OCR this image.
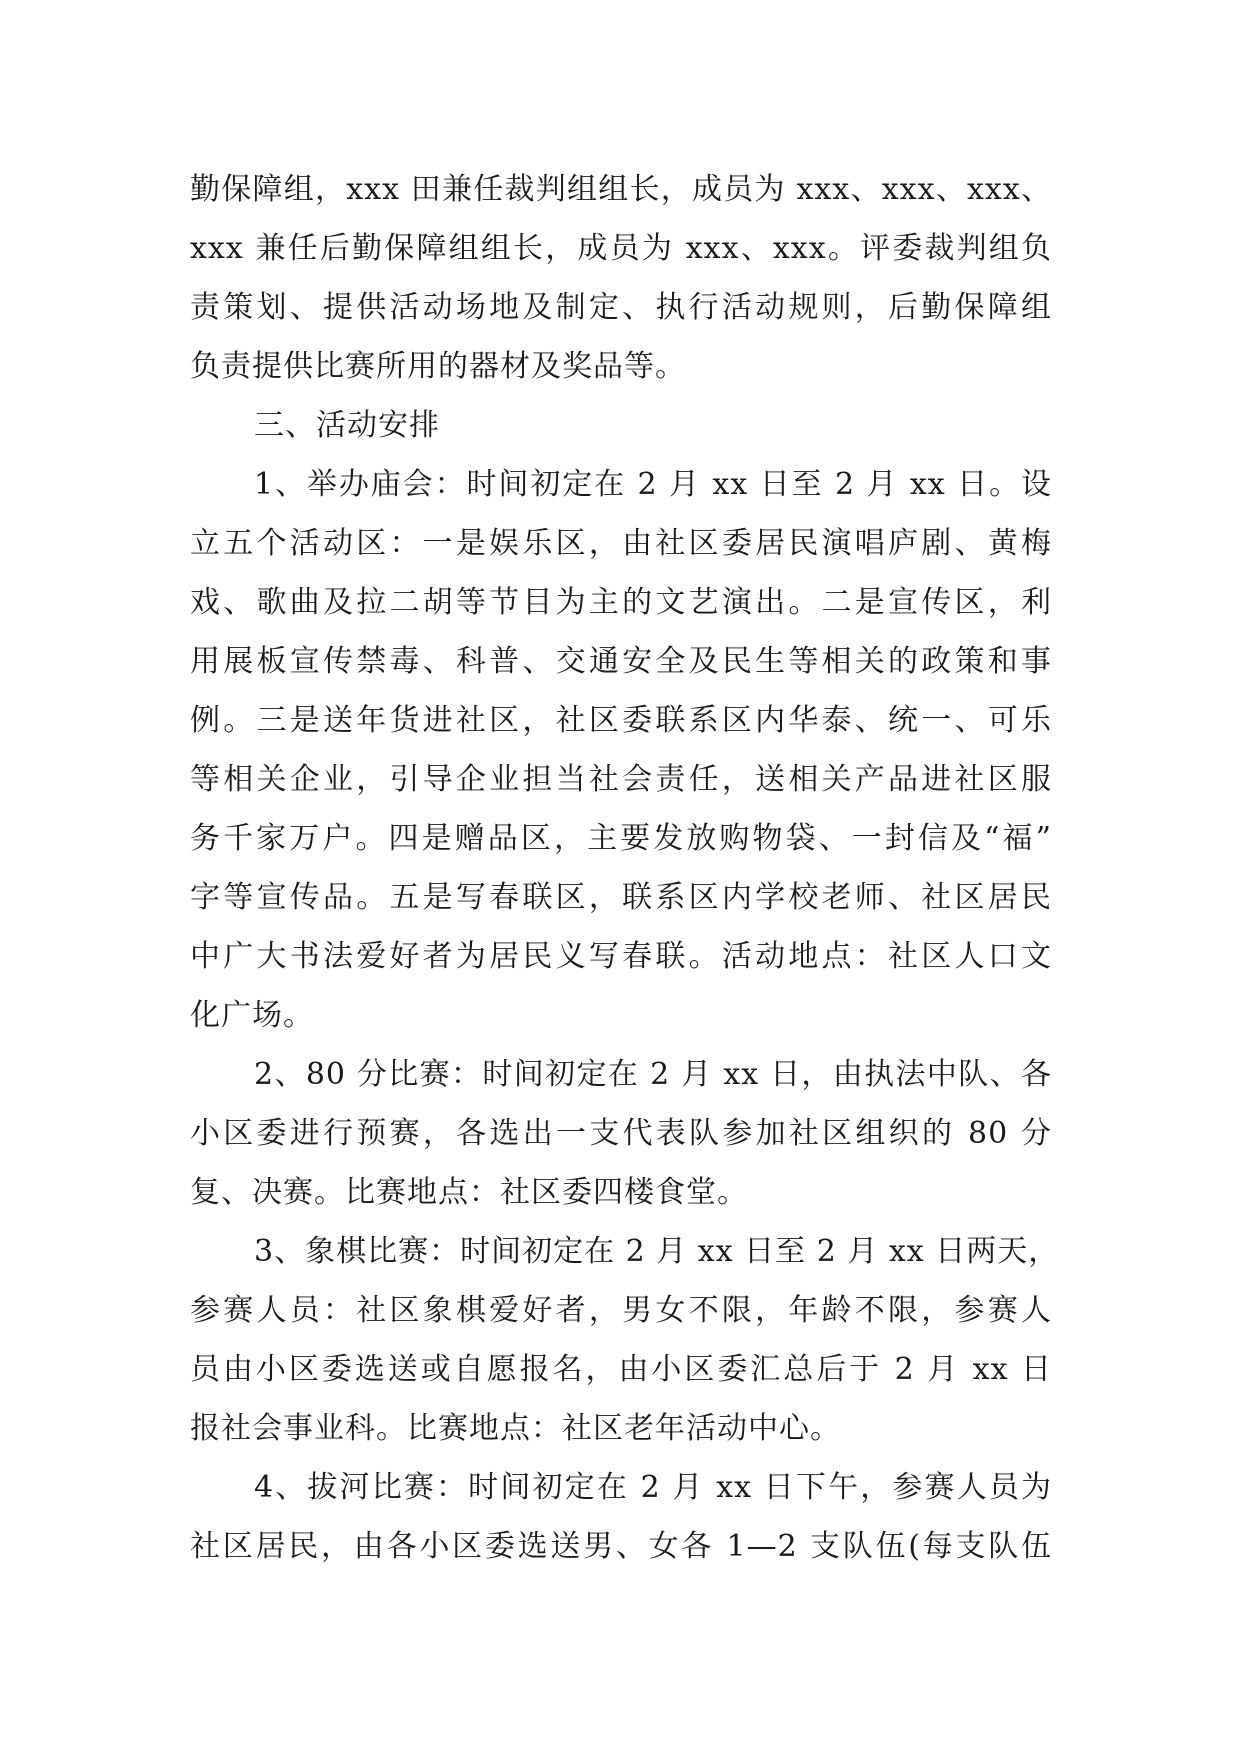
勤保障组，xxx 田兼任裁判组组长，成员为 xxx、xxx、xxx、
xxx 兼任后勤保障组组长，成员为 xxx、xxx。评委裁判组负
责策划、提供活动场地及制定、执行活动规则，后勤保障组
负责提供比赛所用的器材及奖品等。
三、活动安排
1、举办庙会：时间初定在 2 月 xx 日至 2 月 xx 日。设
立五个活动区：一是娱乐区，由社区委居民演唱庐剧、黄梅
戏、歌曲及拉二胡等节目为主的文艺演出。二是宣传区，利
用展板宣传禁毒、科普、交通安全及民生等相关的政策和事
例。三是送年货进社区，社区委联系区内华泰、统一、可乐
等相关企业，引导企业担当社会责任，送相关产品进社区服
务千家万户。四是赠品区，主要发放购物袋、一封信及“福”
字等宣传品。五是写春联区，联系区内学校老师、社区居民
中广大书法爱好者为居民义写春联。活动地点：社区人口文
化广场。
2、80 分比赛：时间初定在 2 月 xx 日，由执法中队、各
小区委进行预赛，各选出一支代表队参加社区组织的 80 分
复、决赛。比赛地点：社区委四楼食堂。
3、象棋比赛：时间初定在 2 月 xx 日至 2 月 xx 日两天，
参赛人员：社区象棋爱好者，男女不限，年龄不限，参赛人
员由小区委选送或自愿报名，由小区委汇总后于 2 月 xx 日
报社会事业科。比赛地点：社区老年活动中心。
4、拔河比赛：时间初定在 2 月 xx 日下午，参赛人员为
社区居民，由各小区委选送男、女各 1—2 支队伍(每支队伍
